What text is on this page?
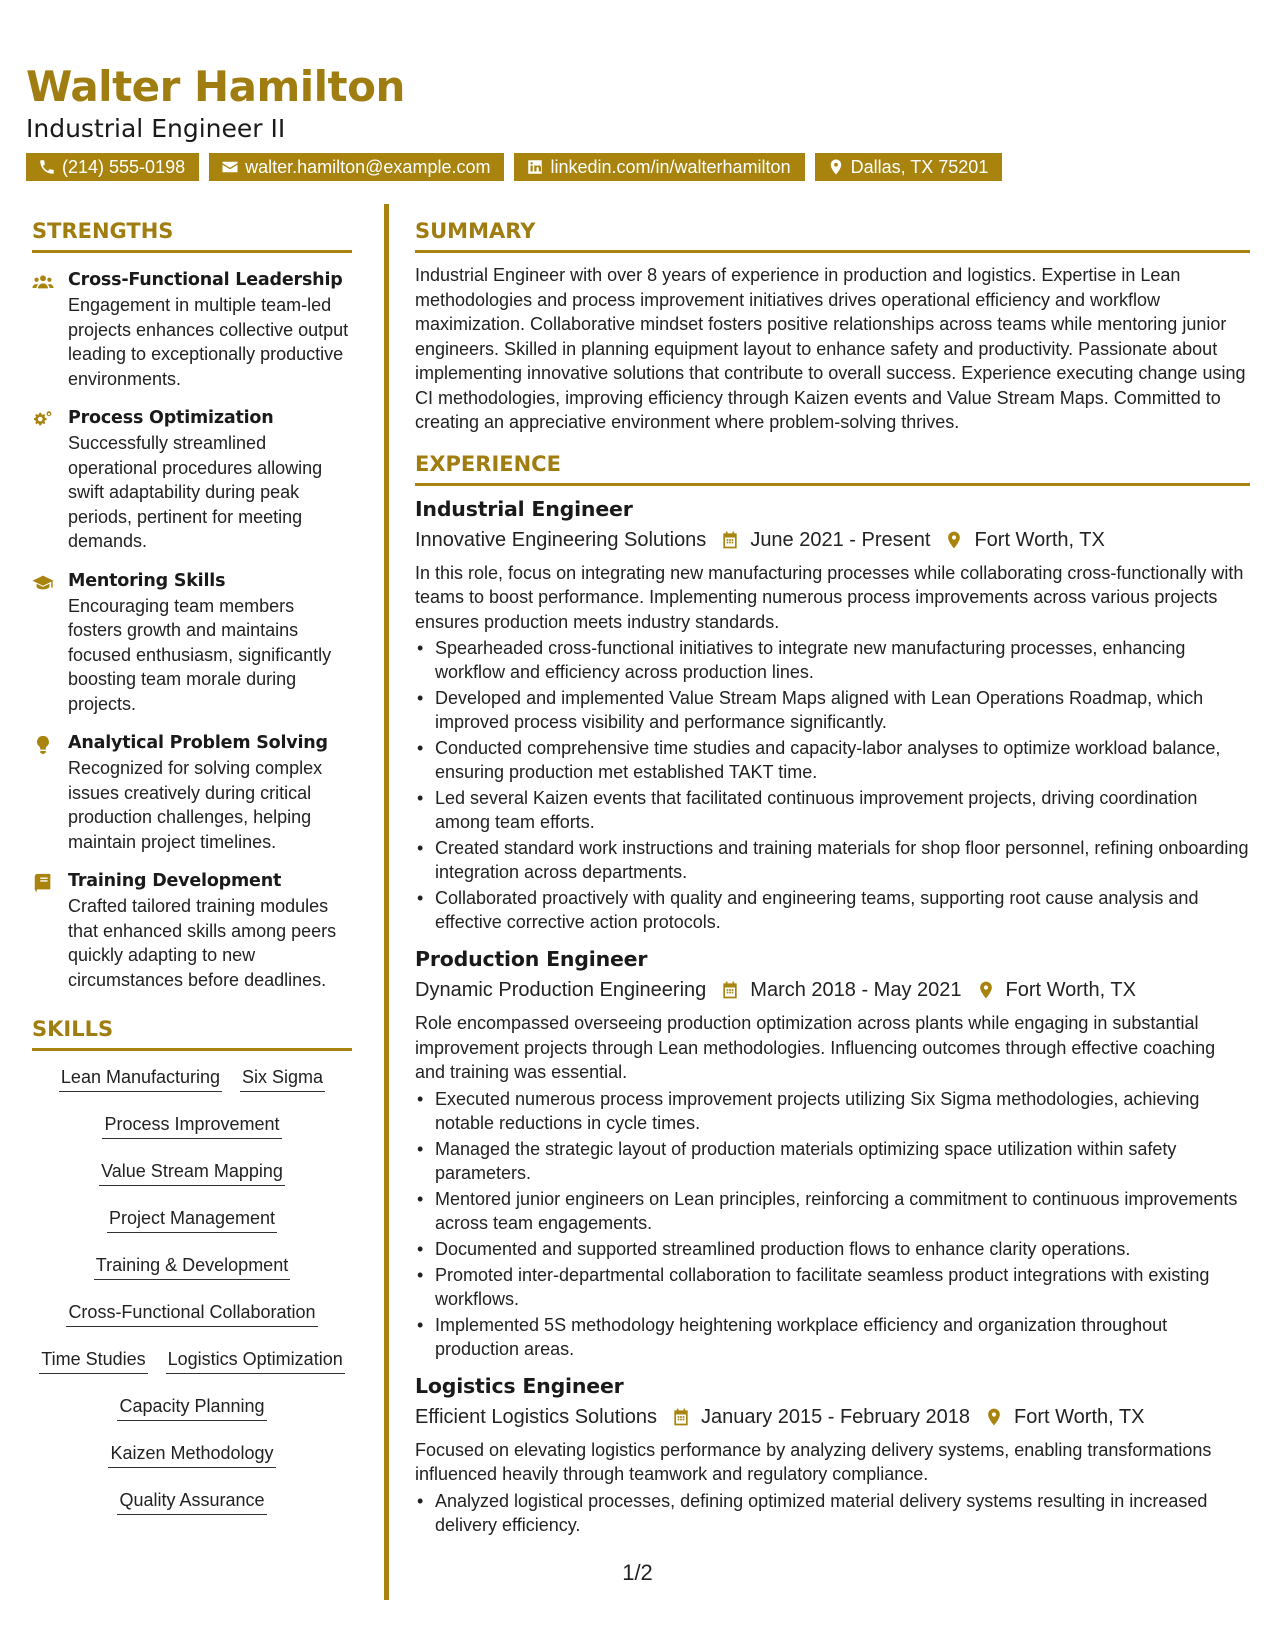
Walter Hamilton
Industrial Engineer II
(214) 555-0198	walter.hamilton@example.com	linkedin.com/in/walterhamilton	Dallas, TX 75201
STRENGTHS
Cross-Functional Leadership
Engagement in multiple team-led projects enhances collective output leading to exceptionally productive environments.
Process Optimization
Successfully streamlined operational procedures allowing swift adaptability during peak periods, pertinent for meeting demands.
Mentoring Skills
Encouraging team members fosters growth and maintains focused enthusiasm, significantly boosting team morale during projects.
Analytical Problem Solving
Recognized for solving complex issues creatively during critical production challenges, helping maintain project timelines.
Training Development
Crafted tailored training modules that enhanced skills among peers quickly adapting to new circumstances before deadlines.
SKILLS
Lean Manufacturing Six Sigma
Process Improvement
Value Stream Mapping
Project Management
Training & Development
Cross-Functional Collaboration
Time Studies Logistics Optimization
Capacity Planning
Kaizen Methodology
Quality Assurance
SUMMARY
Industrial Engineer with over 8 years of experience in production and logistics. Expertise in Lean methodologies and process improvement initiatives drives operational efficiency and workflow maximization. Collaborative mindset fosters positive relationships across teams while mentoring junior engineers. Skilled in planning equipment layout to enhance safety and productivity. Passionate about implementing innovative solutions that contribute to overall success. Experience executing change using CI methodologies, improving efficiency through Kaizen events and Value Stream Maps. Committed to creating an appreciative environment where problem-solving thrives.
EXPERIENCE
Industrial Engineer
Innovative Engineering Solutions June 2021 - Present Fort Worth, TX
In this role, focus on integrating new manufacturing processes while collaborating cross-functionally with teams to boost performance. Implementing numerous process improvements across various projects ensures production meets industry standards.
• Spearheaded cross-functional initiatives to integrate new manufacturing processes, enhancing workflow and efficiency across production lines.
• Developed and implemented Value Stream Maps aligned with Lean Operations Roadmap, which improved process visibility and performance significantly.
• Conducted comprehensive time studies and capacity-labor analyses to optimize workload balance, ensuring production met established TAKT time.
• Led several Kaizen events that facilitated continuous improvement projects, driving coordination among team efforts.
• Created standard work instructions and training materials for shop floor personnel, refining onboarding integration across departments.
• Collaborated proactively with quality and engineering teams, supporting root cause analysis and effective corrective action protocols.
Production Engineer
Dynamic Production Engineering March 2018 - May 2021 Fort Worth, TX
Role encompassed overseeing production optimization across plants while engaging in substantial improvement projects through Lean methodologies. Influencing outcomes through effective coaching and training was essential.
• Executed numerous process improvement projects utilizing Six Sigma methodologies, achieving notable reductions in cycle times.
• Managed the strategic layout of production materials optimizing space utilization within safety parameters.
• Mentored junior engineers on Lean principles, reinforcing a commitment to continuous improvements across team engagements.
• Documented and supported streamlined production flows to enhance clarity operations.
• Promoted inter-departmental collaboration to facilitate seamless product integrations with existing workflows.
• Implemented 5S methodology heightening workplace efficiency and organization throughout production areas.
Logistics Engineer
Efficient Logistics Solutions January 2015 - February 2018 Fort Worth, TX
Focused on elevating logistics performance by analyzing delivery systems, enabling transformations influenced heavily through teamwork and regulatory compliance.
• Analyzed logistical processes, defining optimized material delivery systems resulting in increased delivery efficiency.
1/2
